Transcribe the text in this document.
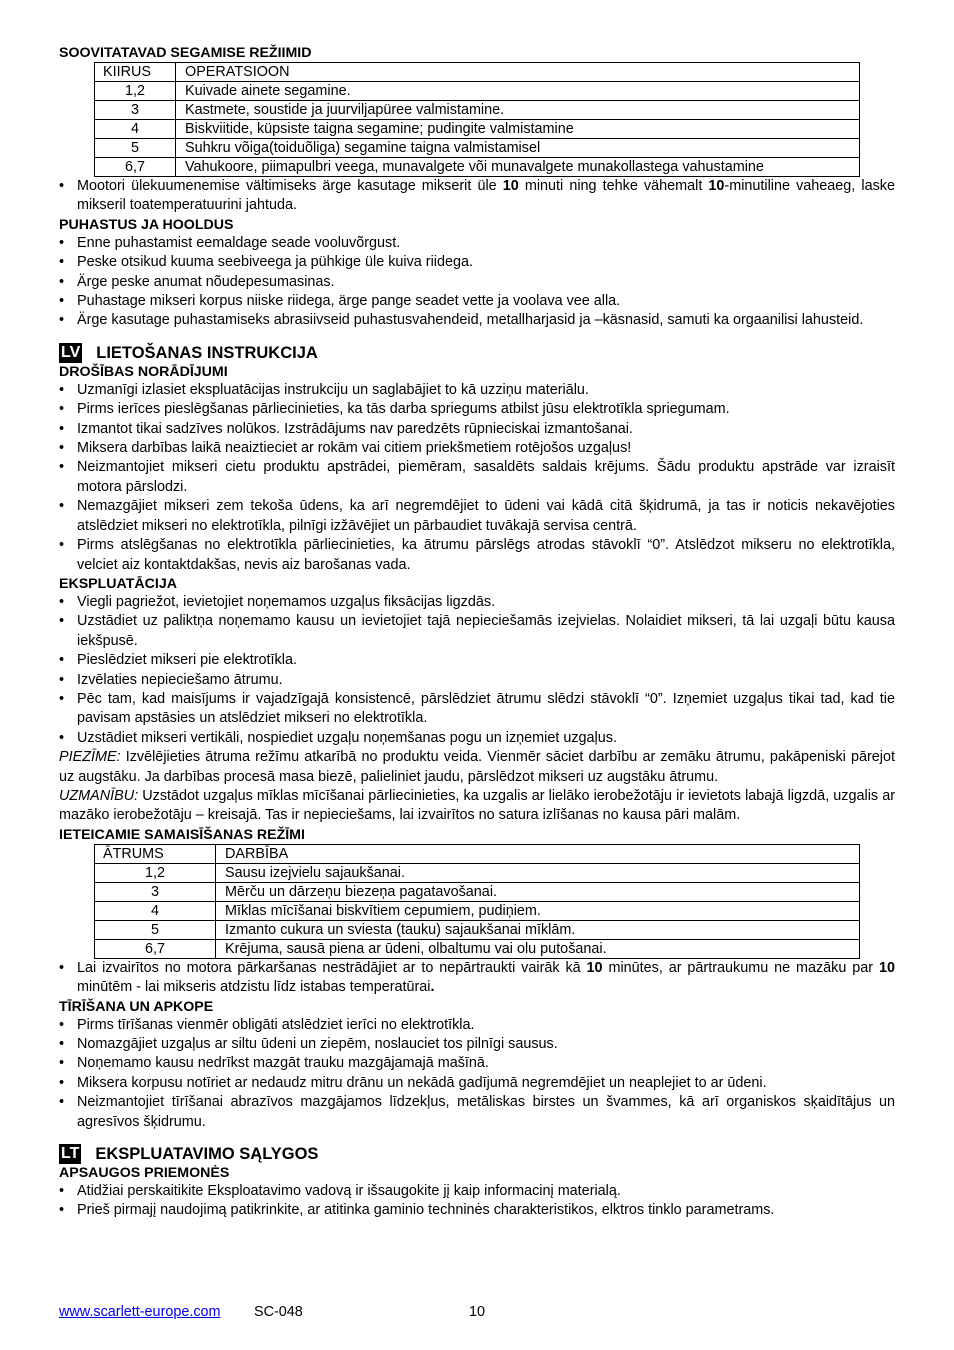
SOOVITATAVAD SEGAMISE REŽIIMID
KIIRUS	OPERATSIOON
1,2	Kuivade ainete segamine.
3	Kastmete, soustide ja juurviljapüree valmistamine.
4	Biskviitide, küpsiste taigna segamine; pudingite valmistamine
5	Suhkru võiga(toiduõliga) segamine taigna valmistamisel
6,7	Vahukoore, piimapulbri veega, munavalgete või munavalgete munakollastega vahustamine
• Mootori ülekuumenemise vältimiseks ärge kasutage mikserit üle 10 minuti ning tehke vähemalt 10-minutiline vaheaeg, laske mikseril toatemperatuurini jahtuda.
PUHASTUS JA HOOLDUS
• Enne puhastamist eemaldage seade vooluvõrgust.
• Peske otsikud kuuma seebiveega ja pühkige üle kuiva riidega.
• Ärge peske anumat nõudepesumasinas.
• Puhastage mikseri korpus niiske riidega, ärge pange seadet vette ja voolava vee alla.
• Ärge kasutage puhastamiseks abrasiivseid puhastusvahendeid, metallharjasid ja –käsnasid, samuti ka orgaanilisi lahusteid.
LV LIETOŠANAS INSTRUKCIJA
DROŠĪBAS NORĀDĪJUMI
• Uzmanīgi izlasiet ekspluatācijas instrukciju un saglabājiet to kā uzziņu materiālu.
• Pirms ierīces pieslēgšanas pārliecinieties, ka tās darba spriegums atbilst jūsu elektrotīkla spriegumam.
• Izmantot tikai sadzīves nolūkos. Izstrādājums nav paredzēts rūpnieciskai izmantošanai.
• Miksera darbības laikā neaiztieciet ar rokām vai citiem priekšmetiem rotējošos uzgaļus!
• Neizmantojiet mikseri cietu produktu apstrādei, piemēram, sasaldēts saldais krējums. Šādu produktu apstrāde var izraisīt motora pārslodzi.
• Nemazgājiet mikseri zem tekoša ūdens, ka arī negremdējiet to ūdeni vai kādā citā šķidrumā, ja tas ir noticis nekavējoties atslēdziet mikseri no elektrotīkla, pilnīgi izžāvējiet un pārbaudiet tuvākajā servisa centrā.
• Pirms atslēgšanas no elektrotīkla pārliecinieties, ka ātrumu pārslēgs atrodas stāvoklī “0”. Atslēdzot mikseru no elektrotīkla, velciet aiz kontaktdakšas, nevis aiz barošanas vada.
EKSPLUATĀCIJA
• Viegli pagriežot, ievietojiet noņemamos uzgaļus fiksācijas ligzdās.
• Uzstādiet uz paliktņa noņemamo kausu un ievietojiet tajā nepieciešamās izejvielas. Nolaidiet mikseri, tā lai uzgaļi būtu kausa iekšpusē.
• Pieslēdziet mikseri pie elektrotīkla.
• Izvēlaties nepieciešamo ātrumu.
• Pēc tam, kad maisījums ir vajadzīgajā konsistencē, pārslēdziet ātrumu slēdzi stāvoklī “0”. Izņemiet uzgaļus tikai tad, kad tie pavisam apstāsies un atslēdziet mikseri no elektrotīkla.
• Uzstādiet mikseri vertikāli, nospiediet uzgaļu noņemšanas pogu un izņemiet uzgaļus.

PIEZĪME: Izvēlējieties ātruma režīmu atkarībā no produktu veida. Vienmēr sāciet darbību ar zemāku ātrumu, pakāpeniski pārejot uz augstāku. Ja darbības procesā masa biezē, palieliniet jaudu, pārslēdzot mikseri uz augstāku ātrumu.

UZMANĪBU: Uzstādot uzgaļus mīklas mīcīšanai pārliecinieties, ka uzgalis ar lielāko ierobežotāju ir ievietots labajā ligzdā, uzgalis ar mazāko ierobežotāju – kreisajā. Tas ir nepieciešams, lai izvairītos no satura izlīšanas no kausa pāri malām.

IETEICAMIE SAMAISĪŠANAS REŽĪMI
ĀTRUMS	DARBĪBA
1,2	Sausu izejvielu sajaukšanai.
3	Mērču un dārzeņu biezeņa pagatavošanai.
4	Mīklas mīcīšanai biskvītiem cepumiem, pudiņiem.
5	Izmanto cukura un sviesta (tauku) sajaukšanai mīklām.
6,7	Krējuma, sausā piena ar ūdeni, olbaltumu vai olu putošanai.
• Lai izvairītos no motora pārkaršanas nestrādājiet ar to nepārtraukti vairāk kā 10 minūtes, ar pārtraukumu ne mazāku par 10 minūtēm - lai mikseris atdzistu līdz istabas temperatūrai.
TĪRĪŠANA UN APKOPE
• Pirms tīrīšanas vienmēr obligāti atslēdziet ierīci no elektrotīkla.
• Nomazgājiet uzgaļus ar siltu ūdeni un ziepēm, noslauciet tos pilnīgi sausus.
• Noņemamo kausu nedrīkst mazgāt trauku mazgājamajā mašīnā.
• Miksera korpusu notīriet ar nedaudz mitru drānu un nekādā gadījumā negremdējiet un neaplejiet to ar ūdeni.
• Neizmantojiet tīrīšanai abrazīvos mazgājamos līdzekļus, metāliskas birstes un švammes, kā arī organiskos sķaidītājus un agresīvos šķidrumu.
LT EKSPLUATAVIMO SĄLYGOS
APSAUGOS PRIEMONĖS
• Atidžiai perskaitikite Eksploatavimo vadovą ir išsaugokite jį kaip informacinį materialą.
• Prieš pirmajį naudojimą patikrinkite, ar atitinka gaminio techninės charakteristikos, elktros tinklo parametrams.
www.scarlett-europe.com SC-048	10
